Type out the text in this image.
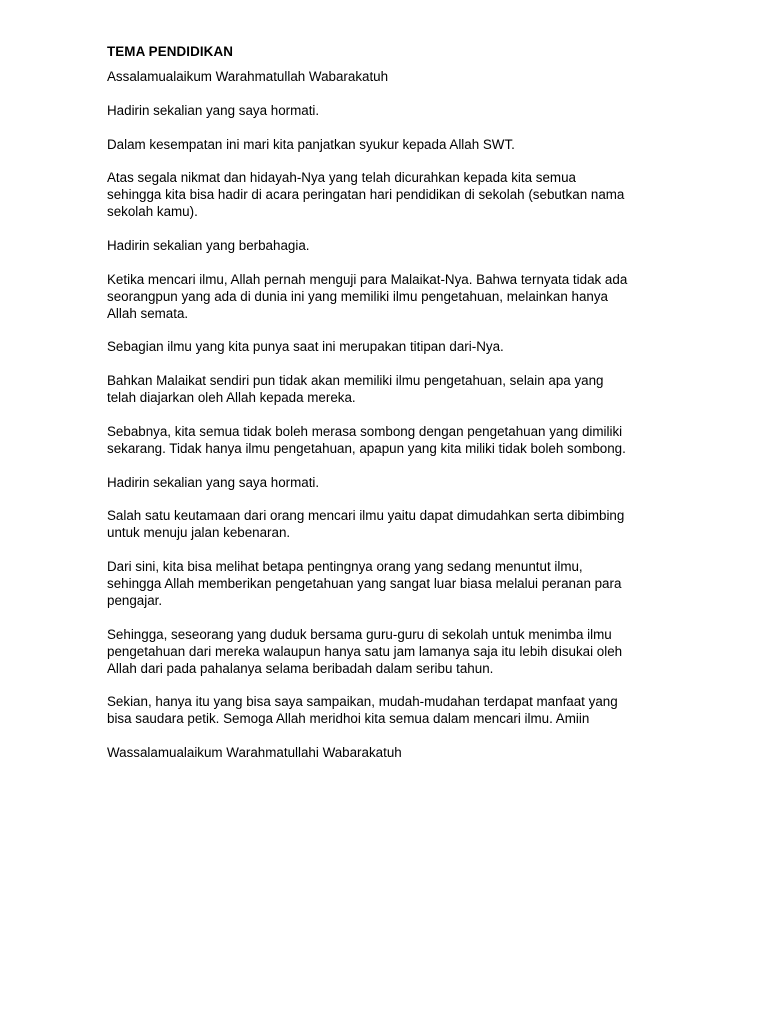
TEMA PENDIDIKAN

Assalamualaikum Warahmatullah Wabarakatuh

Hadirin sekalian yang saya hormati.

Dalam kesempatan ini mari kita panjatkan syukur kepada Allah SWT.

Atas segala nikmat dan hidayah-Nya yang telah dicurahkan kepada kita semua
sehingga kita bisa hadir di acara peringatan hari pendidikan di sekolah (sebutkan nama
sekolah kamu).

Hadirin sekalian yang berbahagia.

Ketika mencari ilmu, Allah pernah menguji para Malaikat-Nya. Bahwa ternyata tidak ada
seorangpun yang ada di dunia ini yang memiliki ilmu pengetahuan, melainkan hanya
Allah semata.

Sebagian ilmu yang kita punya saat ini merupakan titipan dari-Nya.

Bahkan Malaikat sendiri pun tidak akan memiliki ilmu pengetahuan, selain apa yang
telah diajarkan oleh Allah kepada mereka.

Sebabnya, kita semua tidak boleh merasa sombong dengan pengetahuan yang dimiliki
sekarang. Tidak hanya ilmu pengetahuan, apapun yang kita miliki tidak boleh sombong.

Hadirin sekalian yang saya hormati.

Salah satu keutamaan dari orang mencari ilmu yaitu dapat dimudahkan serta dibimbing
untuk menuju jalan kebenaran.

Dari sini, kita bisa melihat betapa pentingnya orang yang sedang menuntut ilmu,
sehingga Allah memberikan pengetahuan yang sangat luar biasa melalui peranan para
pengajar.

Sehingga, seseorang yang duduk bersama guru-guru di sekolah untuk menimba ilmu
pengetahuan dari mereka walaupun hanya satu jam lamanya saja itu lebih disukai oleh
Allah dari pada pahalanya selama beribadah dalam seribu tahun.

Sekian, hanya itu yang bisa saya sampaikan, mudah-mudahan terdapat manfaat yang
bisa saudara petik. Semoga Allah meridhoi kita semua dalam mencari ilmu. Amiin

Wassalamualaikum Warahmatullahi Wabarakatuh
